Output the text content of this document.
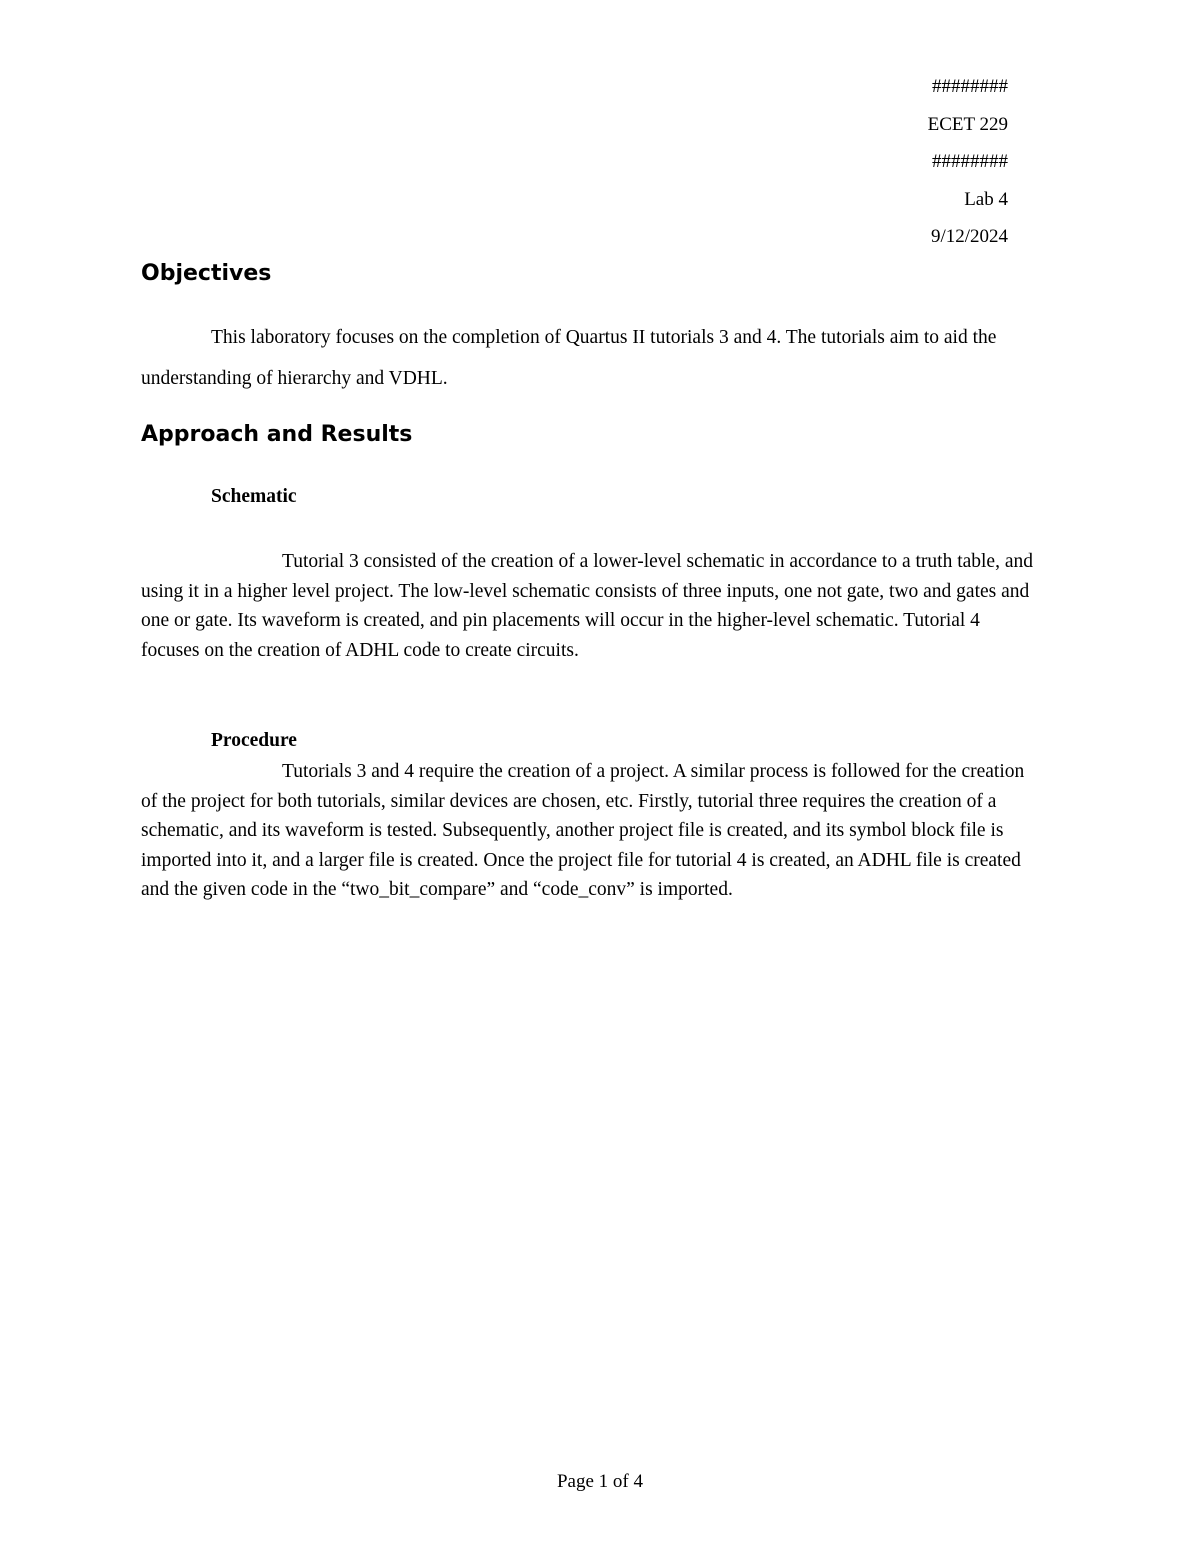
########
ECET 229
########
Lab 4
9/12/2024
Objectives

This laboratory focuses on the completion of Quartus II tutorials 3 and 4. The tutorials aim to aid the understanding of hierarchy and VDHL.

Approach and Results
Schematic

Tutorial 3 consisted of the creation of a lower-level schematic in accordance to a truth table, and using it in a higher level project. The low-level schematic consists of three inputs, one not gate, two and gates and one or gate. Its waveform is created, and pin placements will occur in the higher-level schematic. Tutorial 4 focuses on the creation of ADHL code to create circuits.

Procedure

Tutorials 3 and 4 require the creation of a project. A similar process is followed for the creation of the project for both tutorials, similar devices are chosen, etc. Firstly, tutorial three requires the creation of a schematic, and its waveform is tested. Subsequently, another project file is created, and its symbol block file is imported into it, and a larger file is created. Once the project file for tutorial 4 is created, an ADHL file is created and the given code in the “two_bit_compare” and “code_conv” is imported.

Page 1 of 4
